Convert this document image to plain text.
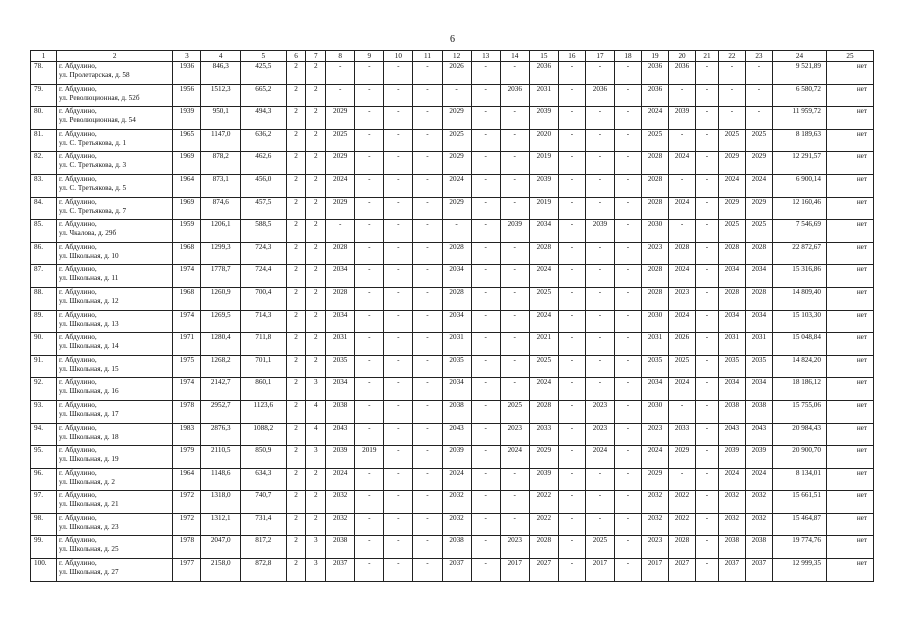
6
1	2	3	4	5	6	7	8	9	10	11	12	13	14	15	16	17	18	19	20	21	22	23	24	25
78.	г. Абдулино,
ул. Пролетарская, д. 58	1936	846,3	425,5	2	2	-	-	-	-	2026	-	-	2036	-	-	-	2036	2036	-	-	-	9 521,89	нет
79.	г. Абдулино,
ул. Революционная, д. 52б	1956	1512,3	665,2	2	2	-	-	-	-	-	-	2036	2031	-	2036	-	2036	-	-	-	-	6 580,72	нет
80.	г. Абдулино,
ул. Революционная, д. 54	1939	950,1	494,3	2	2	2029	-	-	-	2029	-	-	2039	-	-	-	2024	2039	-	-	-	11 959,72	нет
81.	г. Абдулино,
ул. С. Третьякова, д. 1	1965	1147,0	636,2	2	2	2025	-	-	-	2025	-	-	2020	-	-	-	2025	-	-	2025	2025	8 189,63	нет
82.	г. Абдулино,
ул. С. Третьякова, д. 3	1969	878,2	462,6	2	2	2029	-	-	-	2029	-	-	2019	-	-	-	2028	2024	-	2029	2029	12 291,57	нет
83.	г. Абдулино,
ул. С. Третьякова, д. 5	1964	873,1	456,0	2	2	2024	-	-	-	2024	-	-	2039	-	-	-	2028	-	-	2024	2024	6 900,14	нет
84.	г. Абдулино,
ул. С. Третьякова, д. 7	1969	874,6	457,5	2	2	2029	-	-	-	2029	-	-	2019	-	-	-	2028	2024	-	2029	2029	12 160,46	нет
85.	г. Абдулино,
ул. Чкалова, д. 29б	1959	1206,1	588,5	2	2	-	-	-	-	-	-	2039	2034	-	2039	-	2030	-	-	2025	2025	7 546,69	нет
86.	г. Абдулино,
ул. Школьная, д. 10	1968	1299,3	724,3	2	2	2028	-	-	-	2028	-	-	2028	-	-	-	2023	2028	-	2028	2028	22 872,67	нет
87.	г. Абдулино,
ул. Школьная, д. 11	1974	1778,7	724,4	2	2	2034	-	-	-	2034	-	-	2024	-	-	-	2028	2024	-	2034	2034	15 316,86	нет
88.	г. Абдулино,
ул. Школьная, д. 12	1968	1260,9	700,4	2	2	2028	-	-	-	2028	-	-	2025	-	-	-	2028	2023	-	2028	2028	14 809,40	нет
89.	г. Абдулино,
ул. Школьная, д. 13	1974	1269,5	714,3	2	2	2034	-	-	-	2034	-	-	2024	-	-	-	2030	2024	-	2034	2034	15 103,30	нет
90.	г. Абдулино,
ул. Школьная, д. 14	1971	1280,4	711,8	2	2	2031	-	-	-	2031	-	-	2021	-	-	-	2031	2026	-	2031	2031	15 048,84	нет
91.	г. Абдулино,
ул. Школьная, д. 15	1975	1268,2	701,1	2	2	2035	-	-	-	2035	-	-	2025	-	-	-	2035	2025	-	2035	2035	14 824,20	нет
92.	г. Абдулино,
ул. Школьная, д. 16	1974	2142,7	860,1	2	3	2034	-	-	-	2034	-	-	2024	-	-	-	2034	2024	-	2034	2034	18 186,12	нет
93.	г. Абдулино,
ул. Школьная, д. 17	1978	2952,7	1123,6	2	4	2038	-	-	-	2038	-	2025	2028	-	2023	-	2030	-	-	2038	2038	15 755,06	нет
94.	г. Абдулино,
ул. Школьная, д. 18	1983	2876,3	1088,2	2	4	2043	-	-	-	2043	-	2023	2033	-	2023	-	2023	2033	-	2043	2043	20 984,43	нет
95.	г. Абдулино,
ул. Школьная, д. 19	1979	2110,5	850,9	2	3	2039	2019	-	-	2039	-	2024	2029	-	2024	-	2024	2029	-	2039	2039	20 900,70	нет
96.	г. Абдулино,
ул. Школьная, д. 2	1964	1148,6	634,3	2	2	2024	-	-	-	2024	-	-	2039	-	-	-	2029	-	-	2024	2024	8 134,01	нет
97.	г. Абдулино,
ул. Школьная, д. 21	1972	1318,0	740,7	2	2	2032	-	-	-	2032	-	-	2022	-	-	-	2032	2022	-	2032	2032	15 661,51	нет
98.	г. Абдулино,
ул. Школьная, д. 23	1972	1312,1	731,4	2	2	2032	-	-	-	2032	-	-	2022	-	-	-	2032	2022	-	2032	2032	15 464,87	нет
99.	г. Абдулино,
ул. Школьная, д. 25	1978	2047,0	817,2	2	3	2038	-	-	-	2038	-	2023	2028	-	2025	-	2023	2028	-	2038	2038	19 774,76	нет
100.	г. Абдулино,
ул. Школьная, д. 27	1977	2158,0	872,8	2	3	2037	-	-	-	2037	-	2017	2027	-	2017	-	2017	2027	-	2037	2037	12 999,35	нет
